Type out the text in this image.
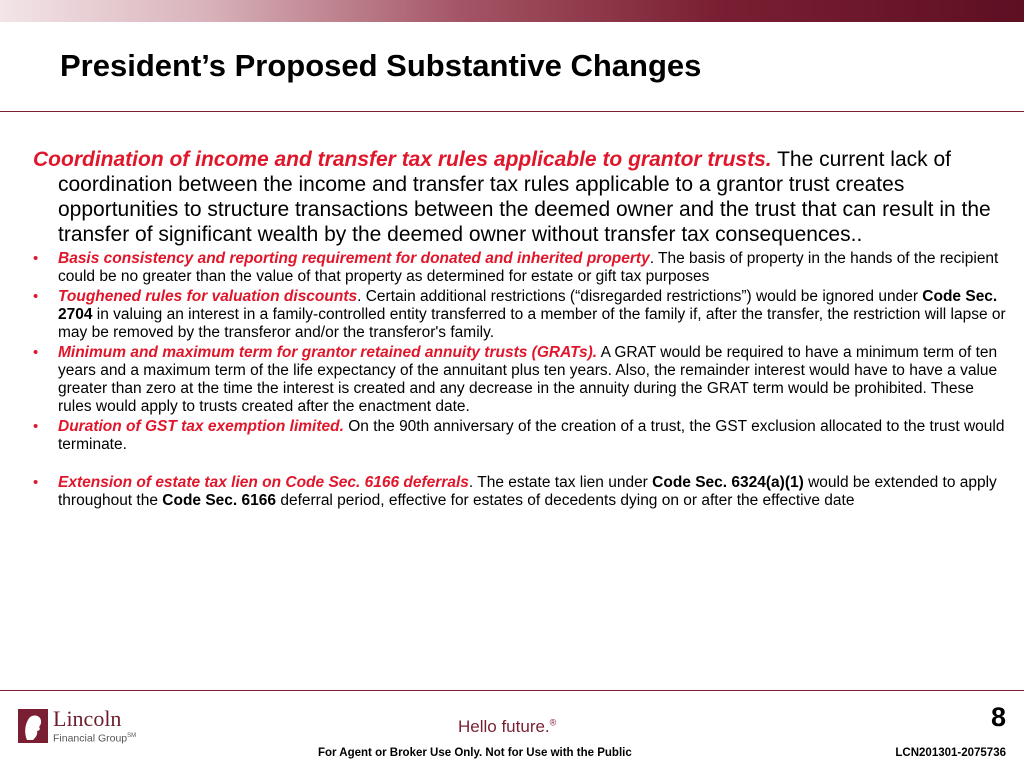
President’s Proposed Substantive Changes

Coordination of income and transfer tax rules applicable to grantor trusts. The current lack of coordination between the income and transfer tax rules applicable to a grantor trust creates opportunities to structure transactions between the deemed owner and the trust that can result in the transfer of significant wealth by the deemed owner without transfer tax consequences..

• Basis consistency and reporting requirement for donated and inherited property. The basis of property in the hands of the recipient could be no greater than the value of that property as determined for estate or gift tax purposes
• Toughened rules for valuation discounts. Certain additional restrictions (“disregarded restrictions”) would be ignored under Code Sec. 2704 in valuing an interest in a family-controlled entity transferred to a member of the family if, after the transfer, the restriction will lapse or may be removed by the transferor and/or the transferor's family.
• Minimum and maximum term for grantor retained annuity trusts (GRATs). A GRAT would be required to have a minimum term of ten years and a maximum term of the life expectancy of the annuitant plus ten years. Also, the remainder interest would have to have a value greater than zero at the time the interest is created and any decrease in the annuity during the GRAT term would be prohibited. These rules would apply to trusts created after the enactment date.
• Duration of GST tax exemption limited. On the 90th anniversary of the creation of a trust, the GST exclusion allocated to the trust would terminate.
• Extension of estate tax lien on Code Sec. 6166 deferrals. The estate tax lien under Code Sec. 6324(a)(1) would be extended to apply throughout the Code Sec. 6166 deferral period, effective for estates of decedents dying on or after the effective date
Lincoln
Financial Group℠	Hello future.®	8
For Agent or Broker Use Only. Not for Use with the Public	LCN201301-2075736
